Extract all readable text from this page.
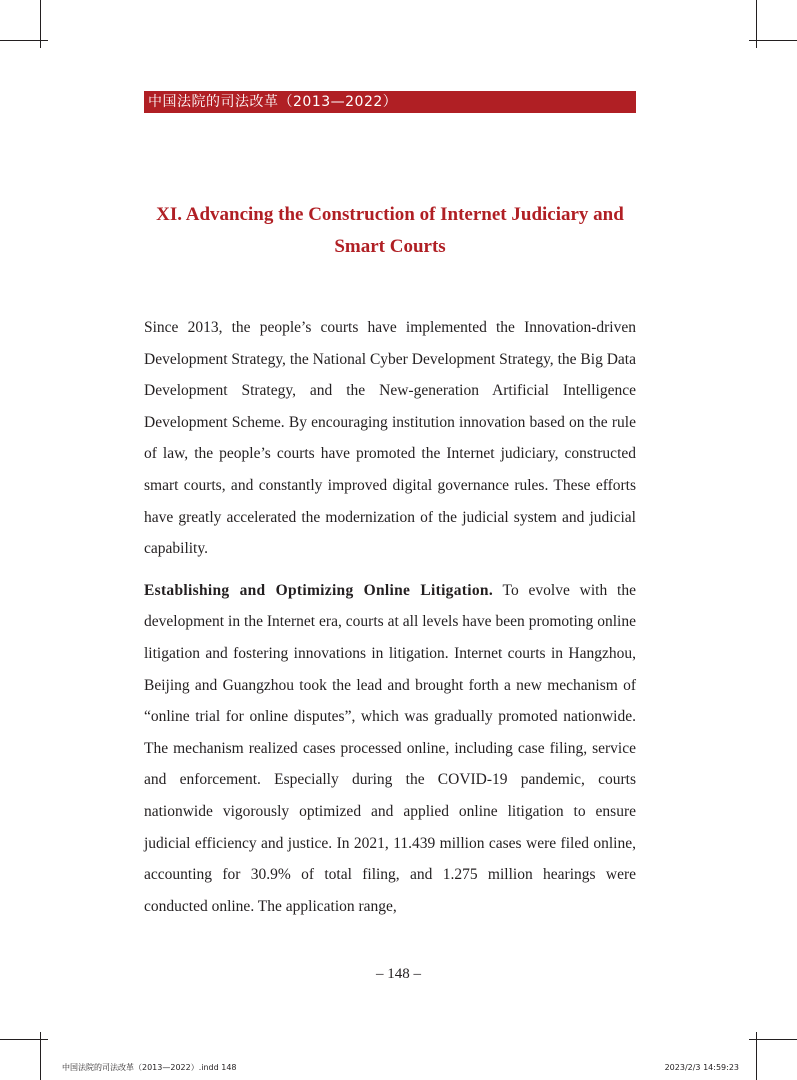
中国法院的司法改革（2013—2022）
XI. Advancing the Construction of Internet Judiciary and Smart Courts

Since 2013, the people’s courts have implemented the Innovation-driven Development Strategy, the National Cyber Development Strategy, the Big Data Development Strategy, and the New-generation Artificial Intelligence Development Scheme. By encouraging institution innovation based on the rule of law, the people’s courts have promoted the Internet judiciary, constructed smart courts, and constantly improved digital governance rules. These efforts have greatly accelerated the modernization of the judicial system and judicial capability.

Establishing and Optimizing Online Litigation. To evolve with the development in the Internet era, courts at all levels have been promoting online litigation and fostering innovations in litigation. Internet courts in Hangzhou, Beijing and Guangzhou took the lead and brought forth a new mechanism of “online trial for online disputes”, which was gradually promoted nationwide. The mechanism realized cases processed online, including case filing, service and enforcement. Especially during the COVID-19 pandemic, courts nationwide vigorously optimized and applied online litigation to ensure judicial efficiency and justice. In 2021, 11.439 million cases were filed online, accounting for 30.9% of total filing, and 1.275 million hearings were conducted online. The application range,

– 148 –
中国法院的司法改革（2013—2022）.indd 148	2023/2/3 14:59:23
